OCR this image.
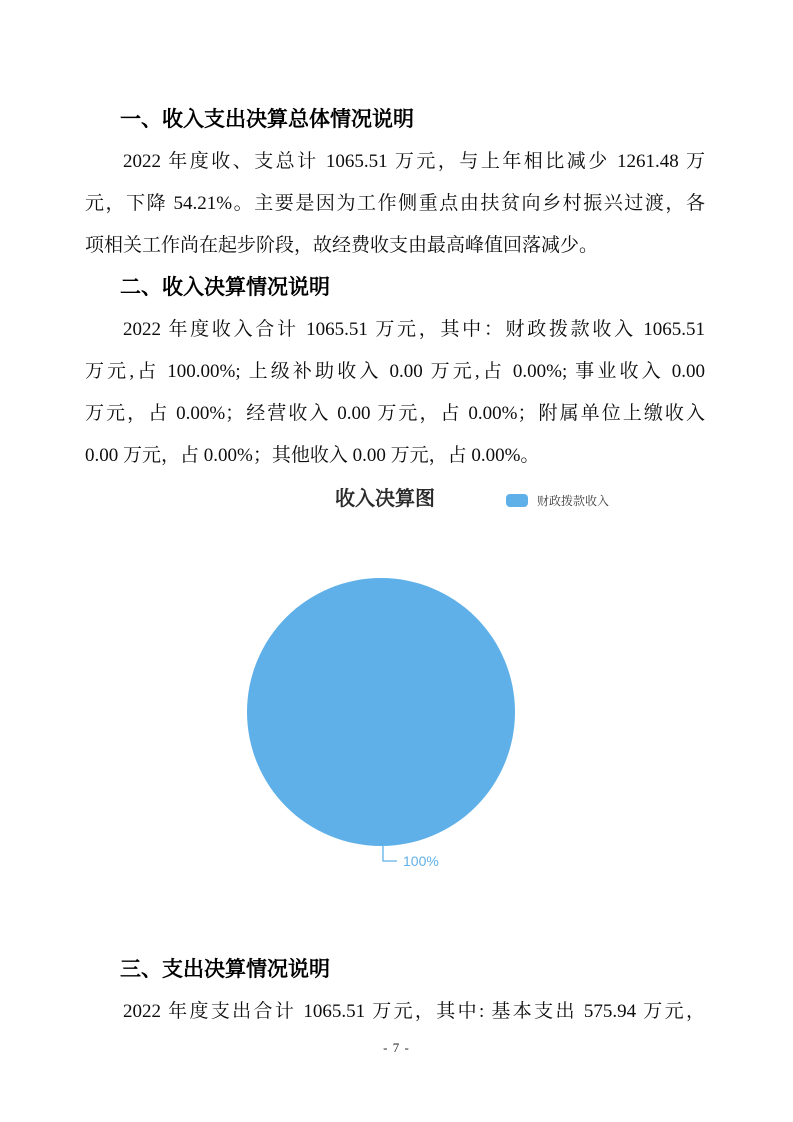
一、收入支出决算总体情况说明

2022 年度收、支总计 1065.51 万元，与上年相比减少 1261.48 万

元，下降 54.21%。主要是因为工作侧重点由扶贫向乡村振兴过渡，各

项相关工作尚在起步阶段，故经费收支由最高峰值回落减少。

二、收入决算情况说明

2022 年度收入合计 1065.51 万元，其中：财政拨款收入 1065.51

万元,占 100.00%; 上级补助收入 0.00 万元,占 0.00%; 事业收入 0.00

万元，占 0.00%；经营收入 0.00 万元，占 0.00%；附属单位上缴收入

0.00 万元，占 0.00%；其他收入 0.00 万元，占 0.00%。

收入决算图	财政拨款收入
100%
三、支出决算情况说明

2022 年度支出合计 1065.51 万元，其中: 基本支出 575.94 万元，

- 7 -
